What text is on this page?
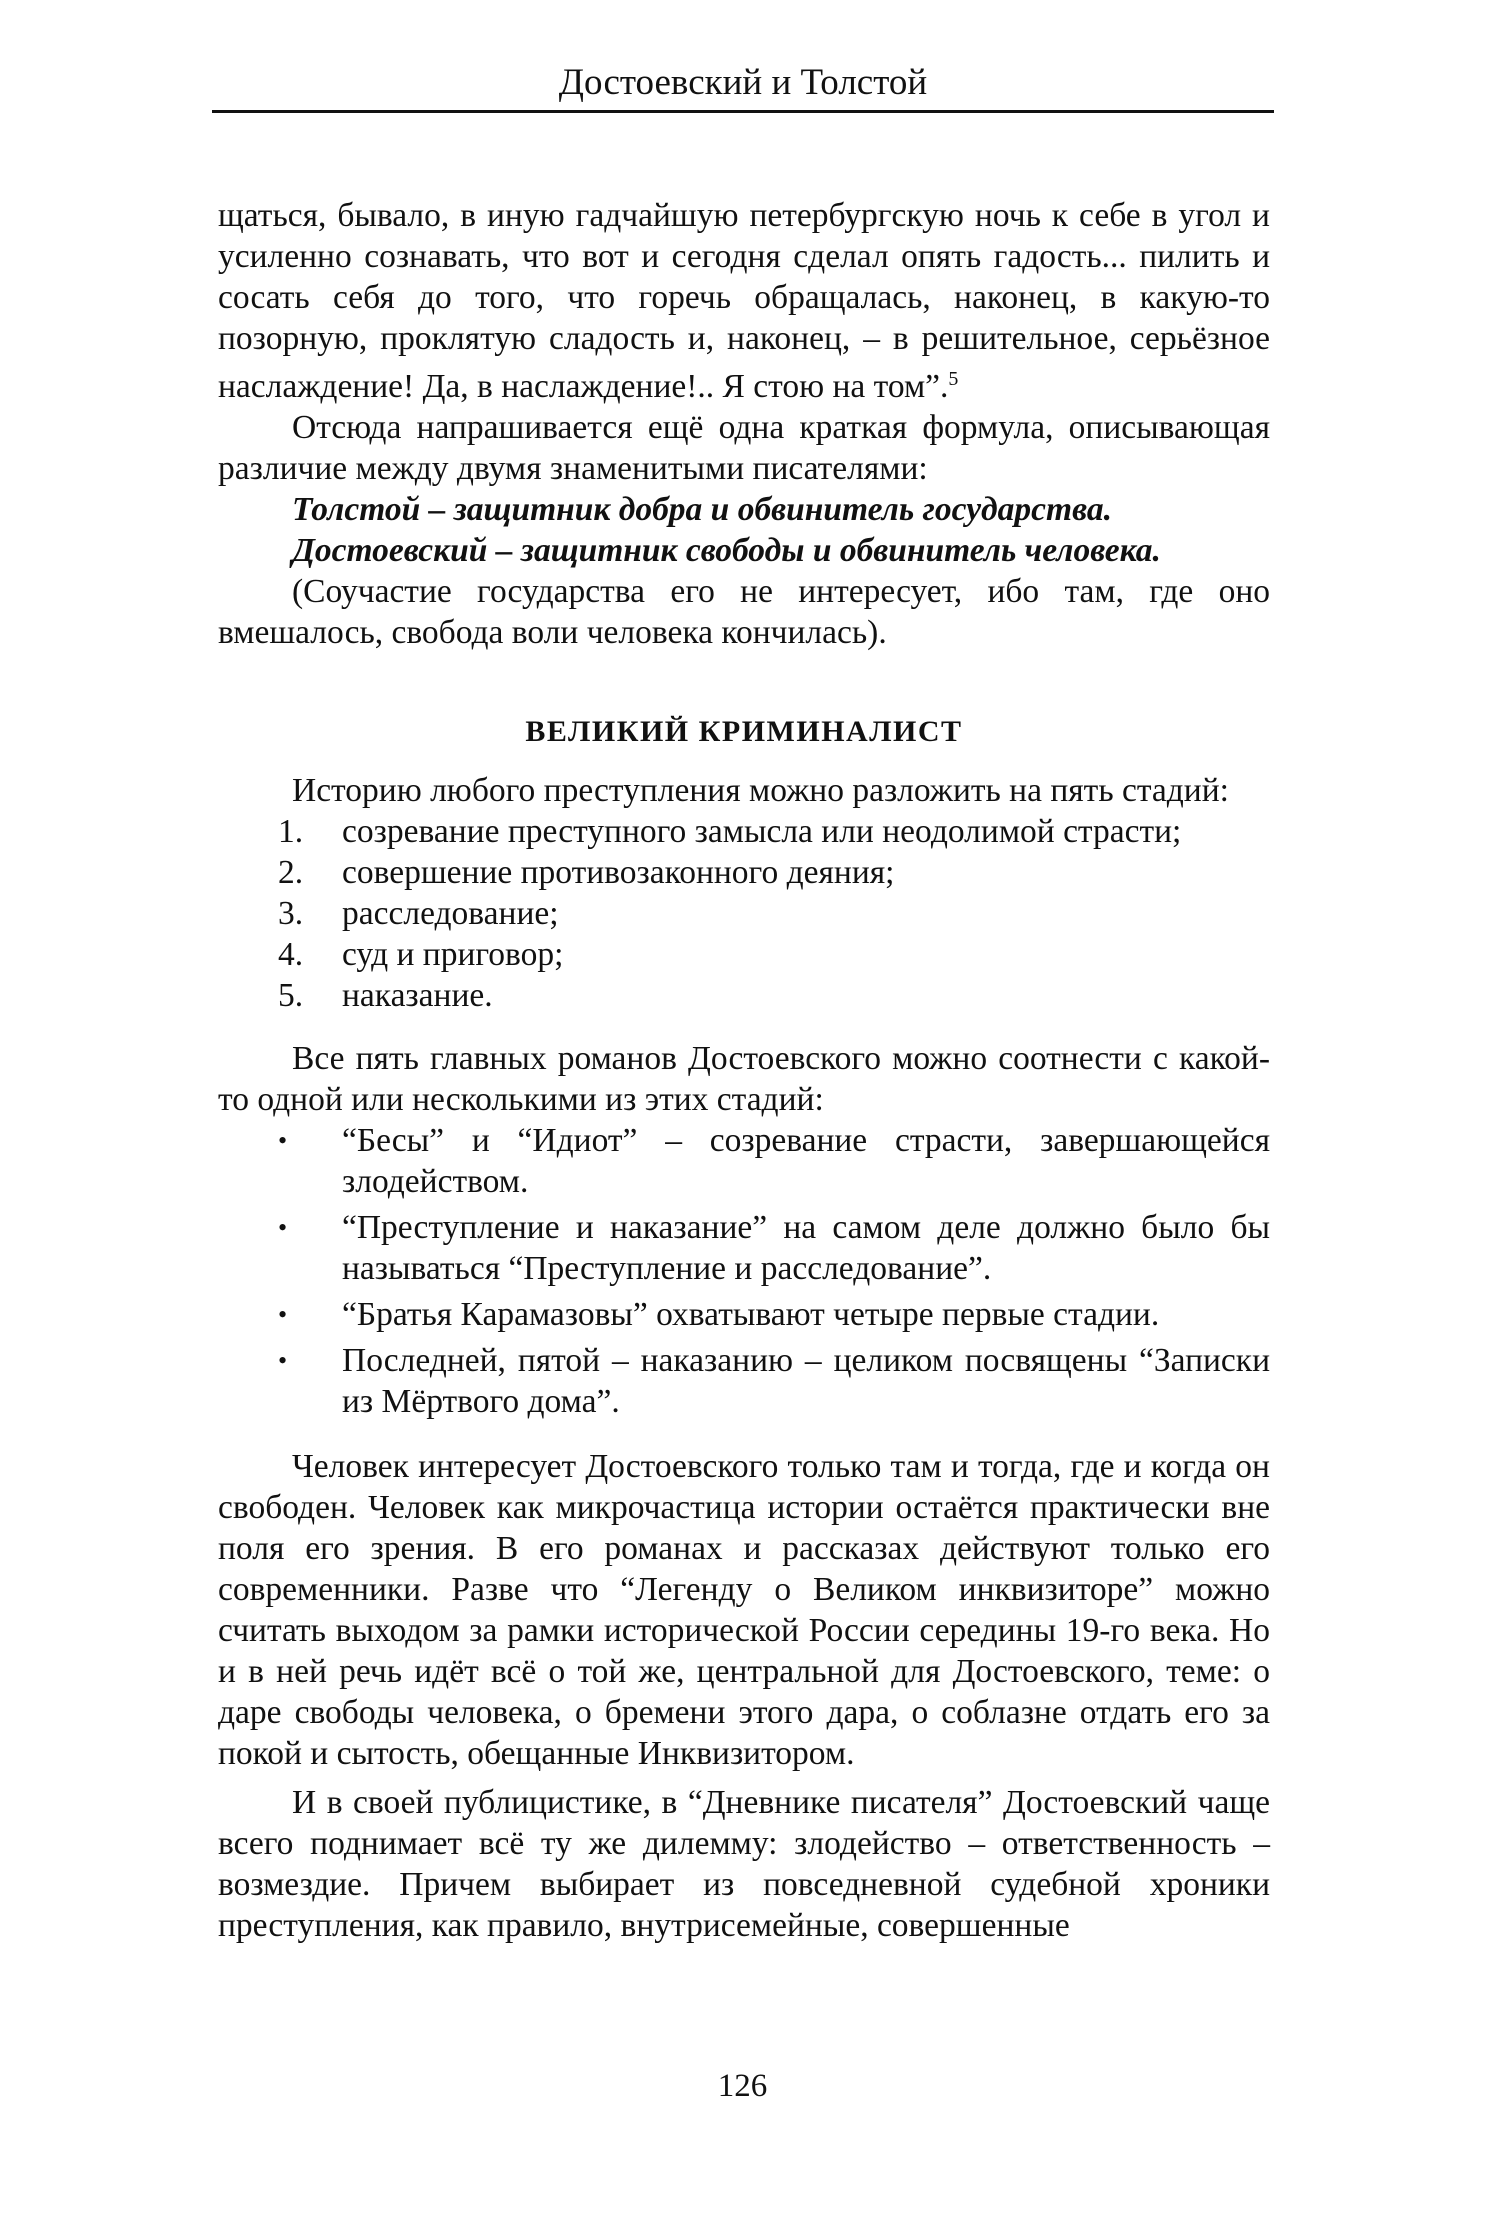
Достоевский и Толстой

щаться, бывало, в иную гадчайшую петербургскую ночь к себе в угол и усиленно сознавать, что вот и сегодня сделал опять гадость... пилить и сосать себя до того, что горечь обращалась, наконец, в какую-то позорную, проклятую сладость и, наконец, – в решительное, серьёзное наслаждение! Да, в наслаждение!.. Я стою на том”.$^5$

Отсюда напрашивается ещё одна краткая формула, описывающая различие между двумя знаменитыми писателями:

Толстой – защитник добра и обвинитель государства.

Достоевский – защитник свободы и обвинитель человека.

(Соучастие государства его не интересует, ибо там, где оно вмешалось, свобода воли человека кончилась).

ВЕЛИКИЙ КРИМИНАЛИСТ

Историю любого преступления можно разложить на пять стадий:

1.	созревание преступного замысла или неодолимой страсти;
2.	совершение противозаконного деяния;
3.	расследование;
4.	суд и приговор;
5.	наказание.

Все пять главных романов Достоевского можно соотнести с какой-то одной или несколькими из этих стадий:

•	“Бесы” и “Идиот” – созревание страсти, завершающейся злодейством.
•	“Преступление и наказание” на самом деле должно было бы называться “Преступление и расследование”.
•	“Братья Карамазовы” охватывают четыре первые стадии.
•	Последней, пятой – наказанию – целиком посвящены “Записки из Мёртвого дома”.

Человек интересует Достоевского только там и тогда, где и когда он свободен. Человек как микрочастица истории остаётся практически вне поля его зрения. В его романах и рассказах действуют только его современники. Разве что “Легенду о Великом инквизиторе” можно считать выходом за рамки исторической России середины 19-го века. Но и в ней речь идёт всё о той же, центральной для Достоевского, теме: о даре свободы человека, о бремени этого дара, о соблазне отдать его за покой и сытость, обещанные Инквизитором.

И в своей публицистике, в “Дневнике писателя” Достоевский чаще всего поднимает всё ту же дилемму: злодейство – ответственность – возмездие. Причем выбирает из повседневной судебной хроники преступления, как правило, внутрисемейные, совершенные

126
